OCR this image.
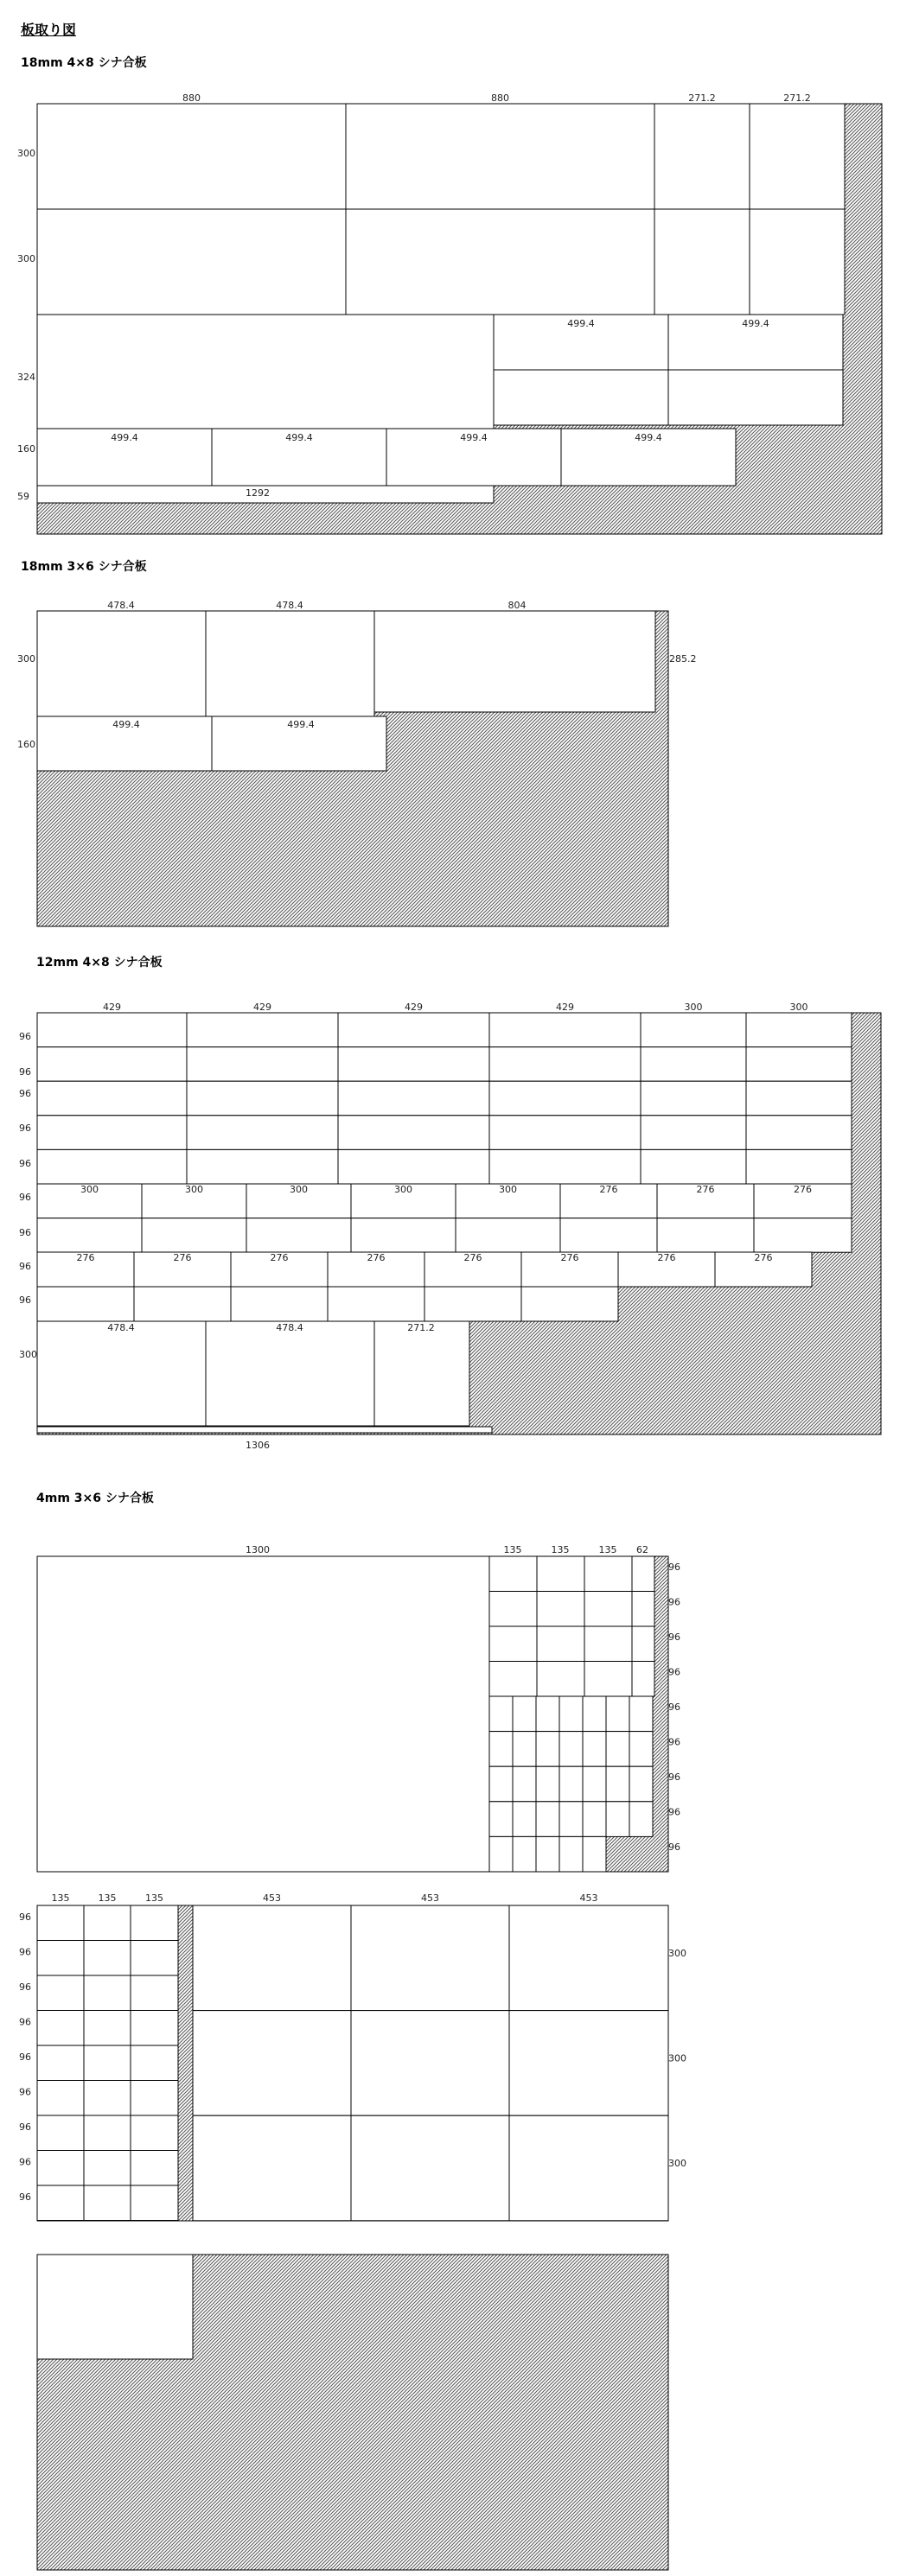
板取り図
18mm 4×8 シナ合板
18mm 3×6 シナ合板
12mm 4×8 シナ合板
4mm 3×6 シナ合板
880	880	271.2	271.2
300
300
324
160
59
499.4	499.4
499.4	499.4	499.4	499.4
1292
478.4	478.4	804
300
160
285.2
499.4	499.4
429	429	429	429	300	300
96
96
96
96
96
96
96
96
96
300
300	300	300	300	300	276	276	276
276	276	276	276	276	276	276	276
478.4	478.4	271.2
1306
1300	135	135	135 62
96
96
96
96
96
96
96
96
96
135	135	135	453	453	453
96
96
96
96
96
96
96
96
96
300
300
300
